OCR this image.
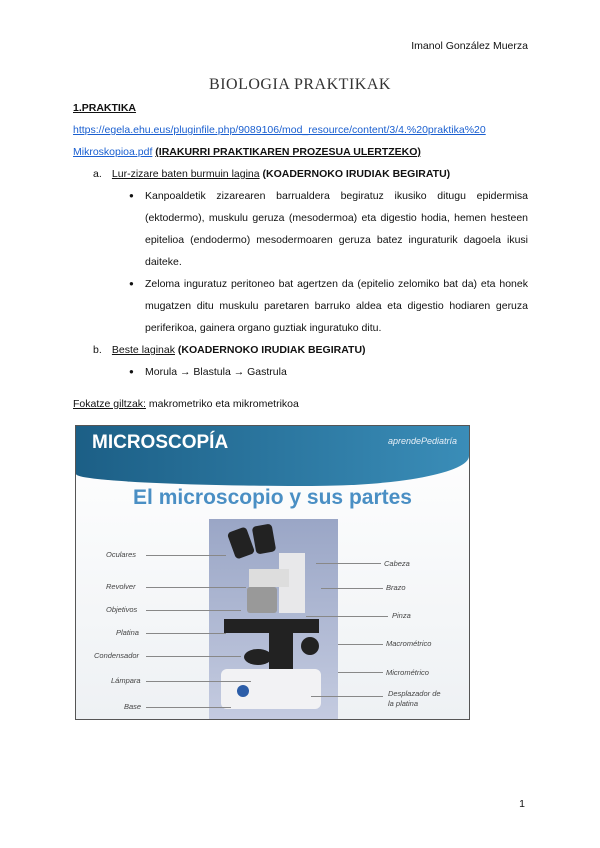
Imanol González Muerza
BIOLOGIA PRAKTIKAK
1.PRAKTIKA
https://egela.ehu.eus/pluginfile.php/9089106/mod_resource/content/3/4.%20praktika%20
Mikroskopioa.pdf (IRAKURRI PRAKTIKAREN PROZESUA ULERTZEKO)
a. Lur-zizare baten burmuin lagina (KOADERNOKO IRUDIAK BEGIRATU)
● Kanpoaldetik zizarearen barrualdera begiratuz ikusiko ditugu epidermisa (ektodermo), muskulu geruza (mesodermoa) eta digestio hodia, hemen hesteen epitelioa (endodermo) mesodermoaren geruza batez inguraturik dagoela ikusi daiteke.
● Zeloma inguratuz peritoneo bat agertzen da (epitelio zelomiko bat da) eta honek mugatzen ditu muskulu paretaren barruko aldea eta digestio hodiaren geruza periferikoa, gainera organo guztiak inguratuko ditu.
b. Beste laginak (KOADERNOKO IRUDIAK BEGIRATU)
● Morula → Blastula → Gastrula
Fokatze giltzak: makrometriko eta mikrometrikoa
MICROSCOPÍA	aprendePediatría
El microscopio y sus partes
Oculares
Revolver
Objetivos
Platina
Condensador
Lámpara
Base
Cabeza
Brazo
Pinza
Macrométrico
Micrométrico
Desplazador de la platina
1
